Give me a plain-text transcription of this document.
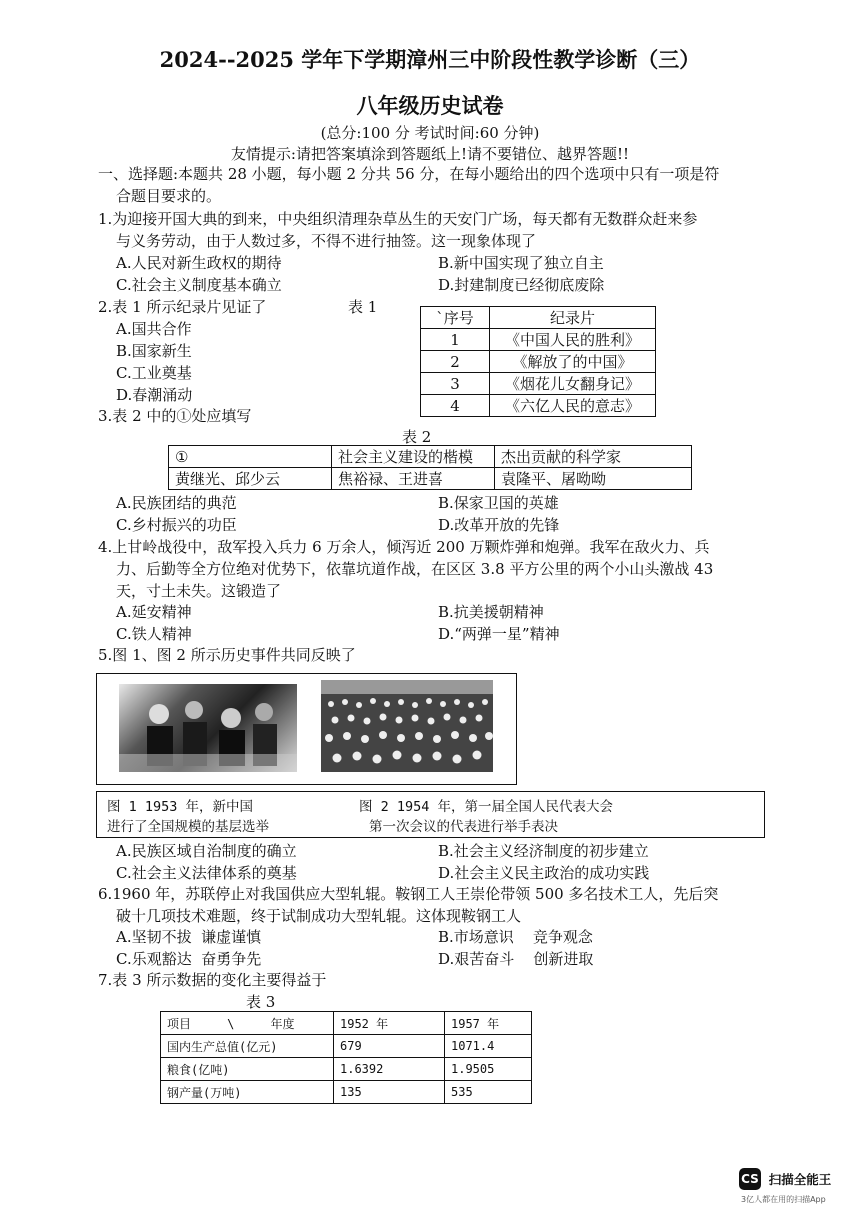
2024--2025 学年下学期漳州三中阶段性教学诊断（三）
八年级历史试卷
(总分:100 分 考试时间:60 分钟)
友情提示:请把答案填涂到答题纸上!请不要错位、越界答题!!
一、选择题:本题共 28 小题，每小题 2 分共 56 分，在每小题给出的四个选项中只有一项是符
合题目要求的。
1.为迎接开国大典的到来，中央组织清理杂草丛生的天安门广场，每天都有无数群众赶来参
与义务劳动，由于人数过多，不得不进行抽签。这一现象体现了
A.人民对新生政权的期待	B.新中国实现了独立自主
C.社会主义制度基本确立	D.封建制度已经彻底废除
2.表 1 所示纪录片见证了	表 1
A.国共合作
B.国家新生
C.工业奠基
D.春潮涌动
`序号	纪录片
1	《中国人民的胜利》
2	《解放了的中国》
3	《烟花儿女翻身记》
4	《六亿人民的意志》
3.表 2 中的①处应填写
表 2
①	社会主义建设的楷模	杰出贡献的科学家
黄继光、邱少云	焦裕禄、王进喜	袁隆平、屠呦呦
A.民族团结的典范	B.保家卫国的英雄
C.乡村振兴的功臣	D.改革开放的先锋
4.上甘岭战役中，敌军投入兵力 6 万余人，倾泻近 200 万颗炸弹和炮弹。我军在敌火力、兵
力、后勤等全方位绝对优势下，依靠坑道作战，在区区 3.8 平方公里的两个小山头激战 43
天，寸土未失。这锻造了
A.延安精神	B.抗美援朝精神
C.铁人精神	D.“两弹一星”精神
5.图 1、图 2 所示历史事件共同反映了
图 1 1953 年，新中国
进行了全国规模的基层选举
图 2 1954 年，第一届全国人民代表大会
第一次会议的代表进行举手表决
A.民族区域自治制度的确立	B.社会主义经济制度的初步建立
C.社会主义法律体系的奠基	D.社会主义民主政治的成功实践
6.1960 年，苏联停止对我国供应大型轧辊。鞍钢工人王崇伦带领 500 多名技术工人，先后突
破十几项技术难题，终于试制成功大型轧辊。这体现鞍钢工人
A.坚韧不拔  谦虚谨慎	B.市场意识    竞争观念
C.乐观豁达  奋勇争先	D.艰苦奋斗    创新进取
7.表 3 所示数据的变化主要得益于
表 3
项目     \     年度	1952 年	1957 年
国内生产总值(亿元)	679	1071.4
粮食(亿吨)	1.6392	1.9505
钢产量(万吨)	135	535
CS 扫描全能王
3亿人都在用的扫描App
